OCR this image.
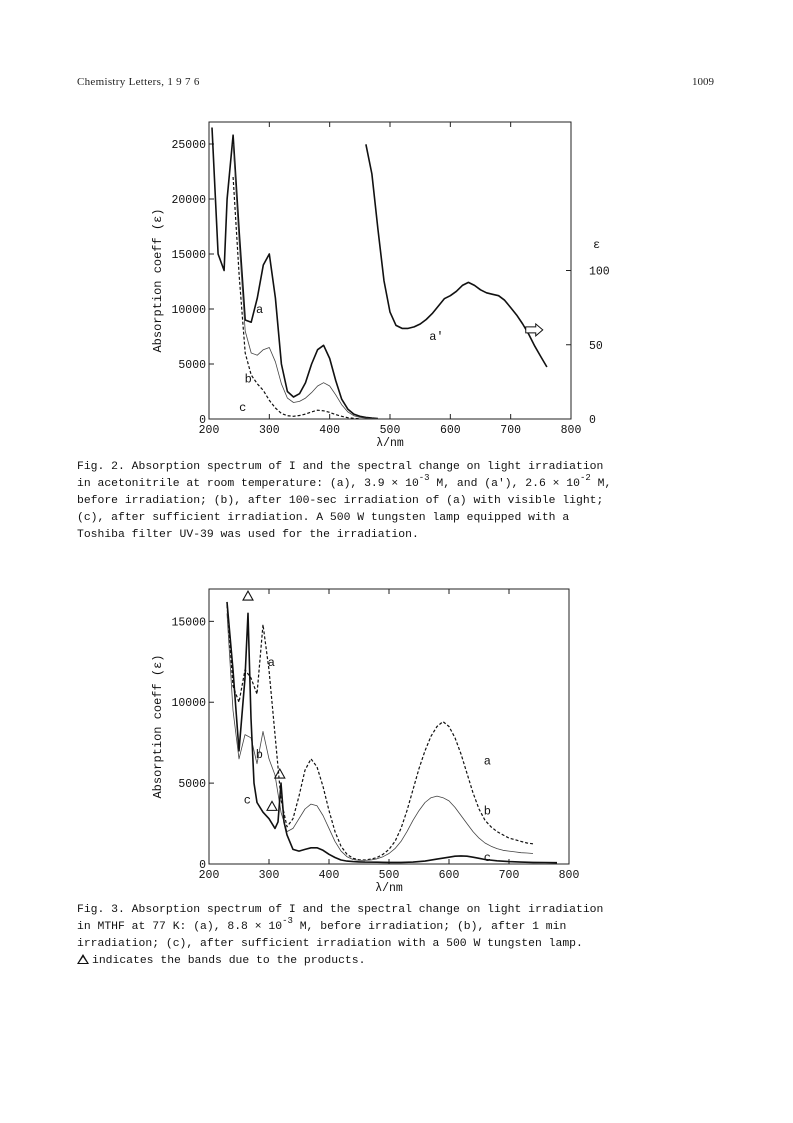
Chemistry Letters, 1 9 7 6	1009
200	300	400	500	600	700	800
0
5000
10000
15000
20000
25000
0
50
100
ε
λ/nm
Absorption coeff (ε)	a
b
c
a'

Fig. 2. Absorption spectrum of I and the spectral change on light irradiation

in acetonitrile at room temperature: (a), $3.9 \times 10^{-3}$ M, and (a'), $2.6 \times 10^{-2}$ M,

before irradiation; (b), after 100-sec irradiation of (a) with visible light;

(c), after sufficient irradiation. A 500 W tungsten lamp equipped with a

Toshiba filter UV-39 was used for the irradiation.

200	300	400	500	600	700	800
0
5000
10000
15000
λ/nm
Absorption coeff (ε)	a
b
c
a
b
c

Fig. 3. Absorption spectrum of I and the spectral change on light irradiation

in MTHF at 77 K: (a), $8.8 \times 10^{-3}$ M, before irradiation; (b), after 1 min

irradiation; (c), after sufficient irradiation with a 500 W tungsten lamp.

indicates the bands due to the products.
